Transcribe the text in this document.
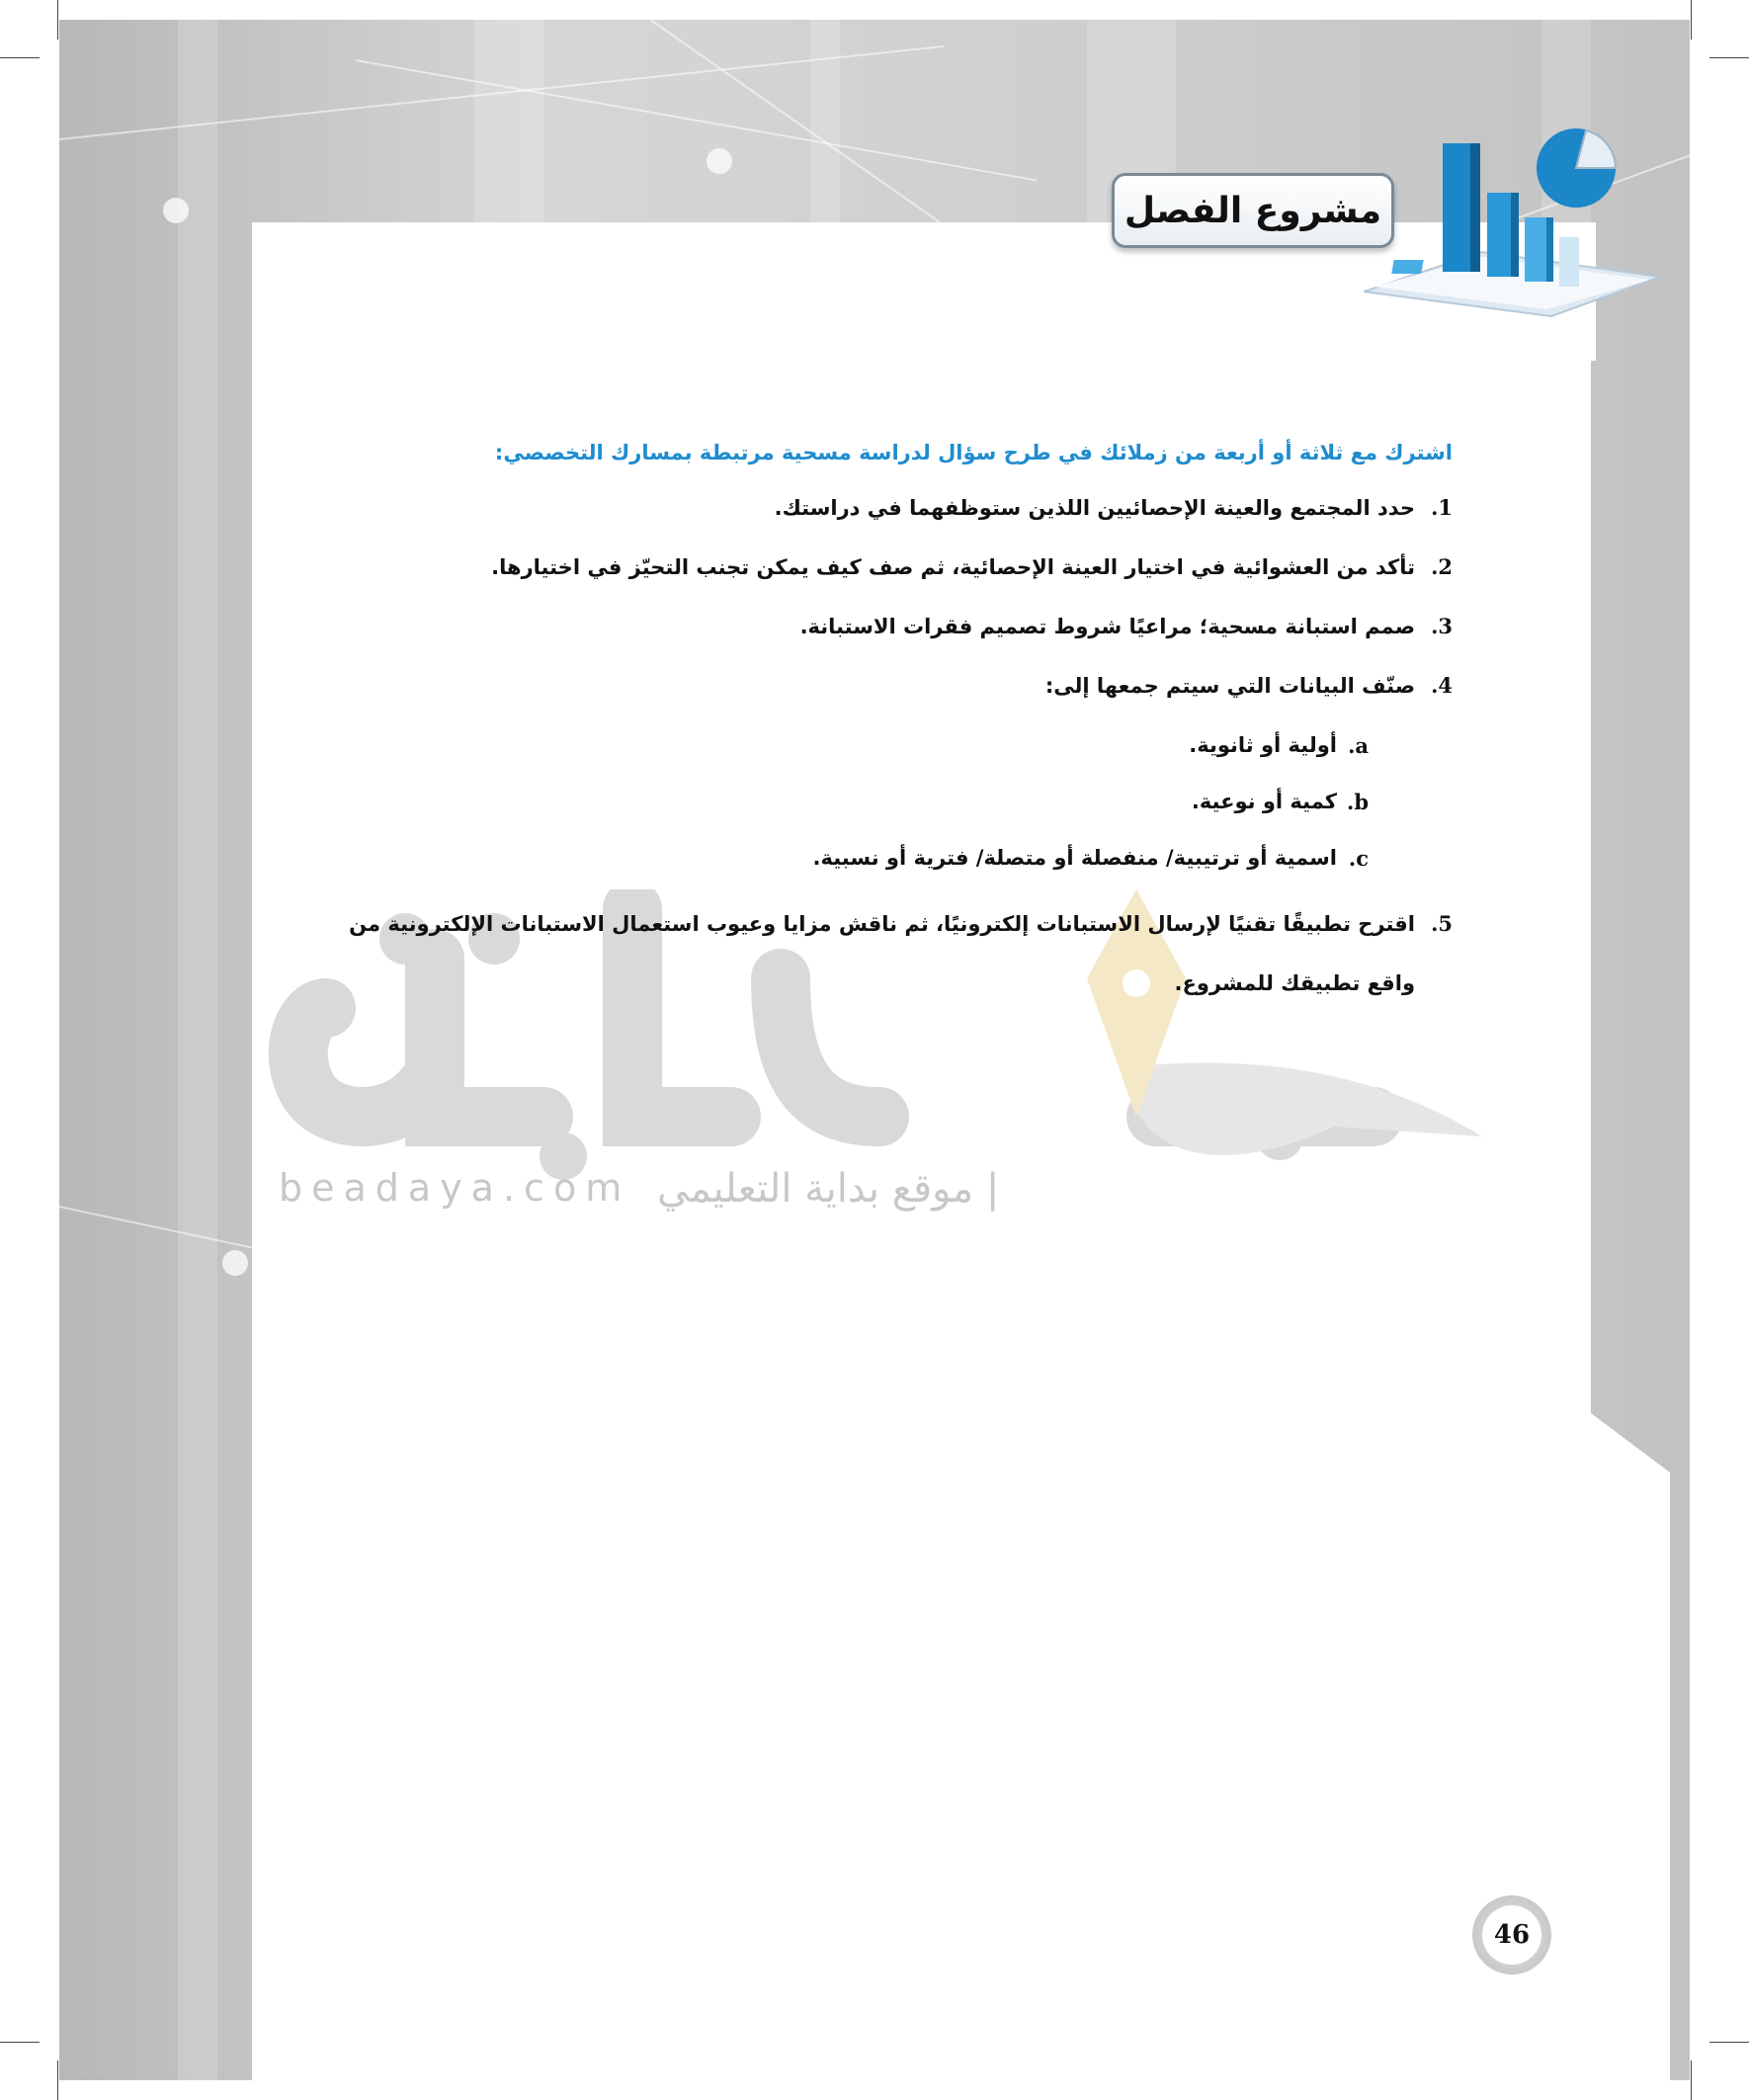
مشروع الفصل
beadaya.com	| موقع بداية التعليمي

اشترك مع ثلاثة أو أربعة من زملائك في طرح سؤال لدراسة مسحية مرتبطة بمسارك التخصصي:

1.
حدد المجتمع والعينة الإحصائيين اللذين ستوظفهما في دراستك.
2.
تأكد من العشوائية في اختيار العينة الإحصائية، ثم صف كيف يمكن تجنب التحيّز في اختيارها.
3.
صمم استبانة مسحية؛ مراعيًا شروط تصميم فقرات الاستبانة.
4.
صنّف البيانات التي سيتم جمعها إلى:
a.
أولية أو ثانوية.
b.
كمية أو نوعية.
c.
اسمية أو ترتيبية/ منفصلة أو متصلة/ فترية أو نسبية.
5.
اقترح تطبيقًا تقنيًا لإرسال الاستبانات إلكترونيًا، ثم ناقش مزايا وعيوب استعمال الاستبانات الإلكترونية من واقع تطبيقك للمشروع.
46
